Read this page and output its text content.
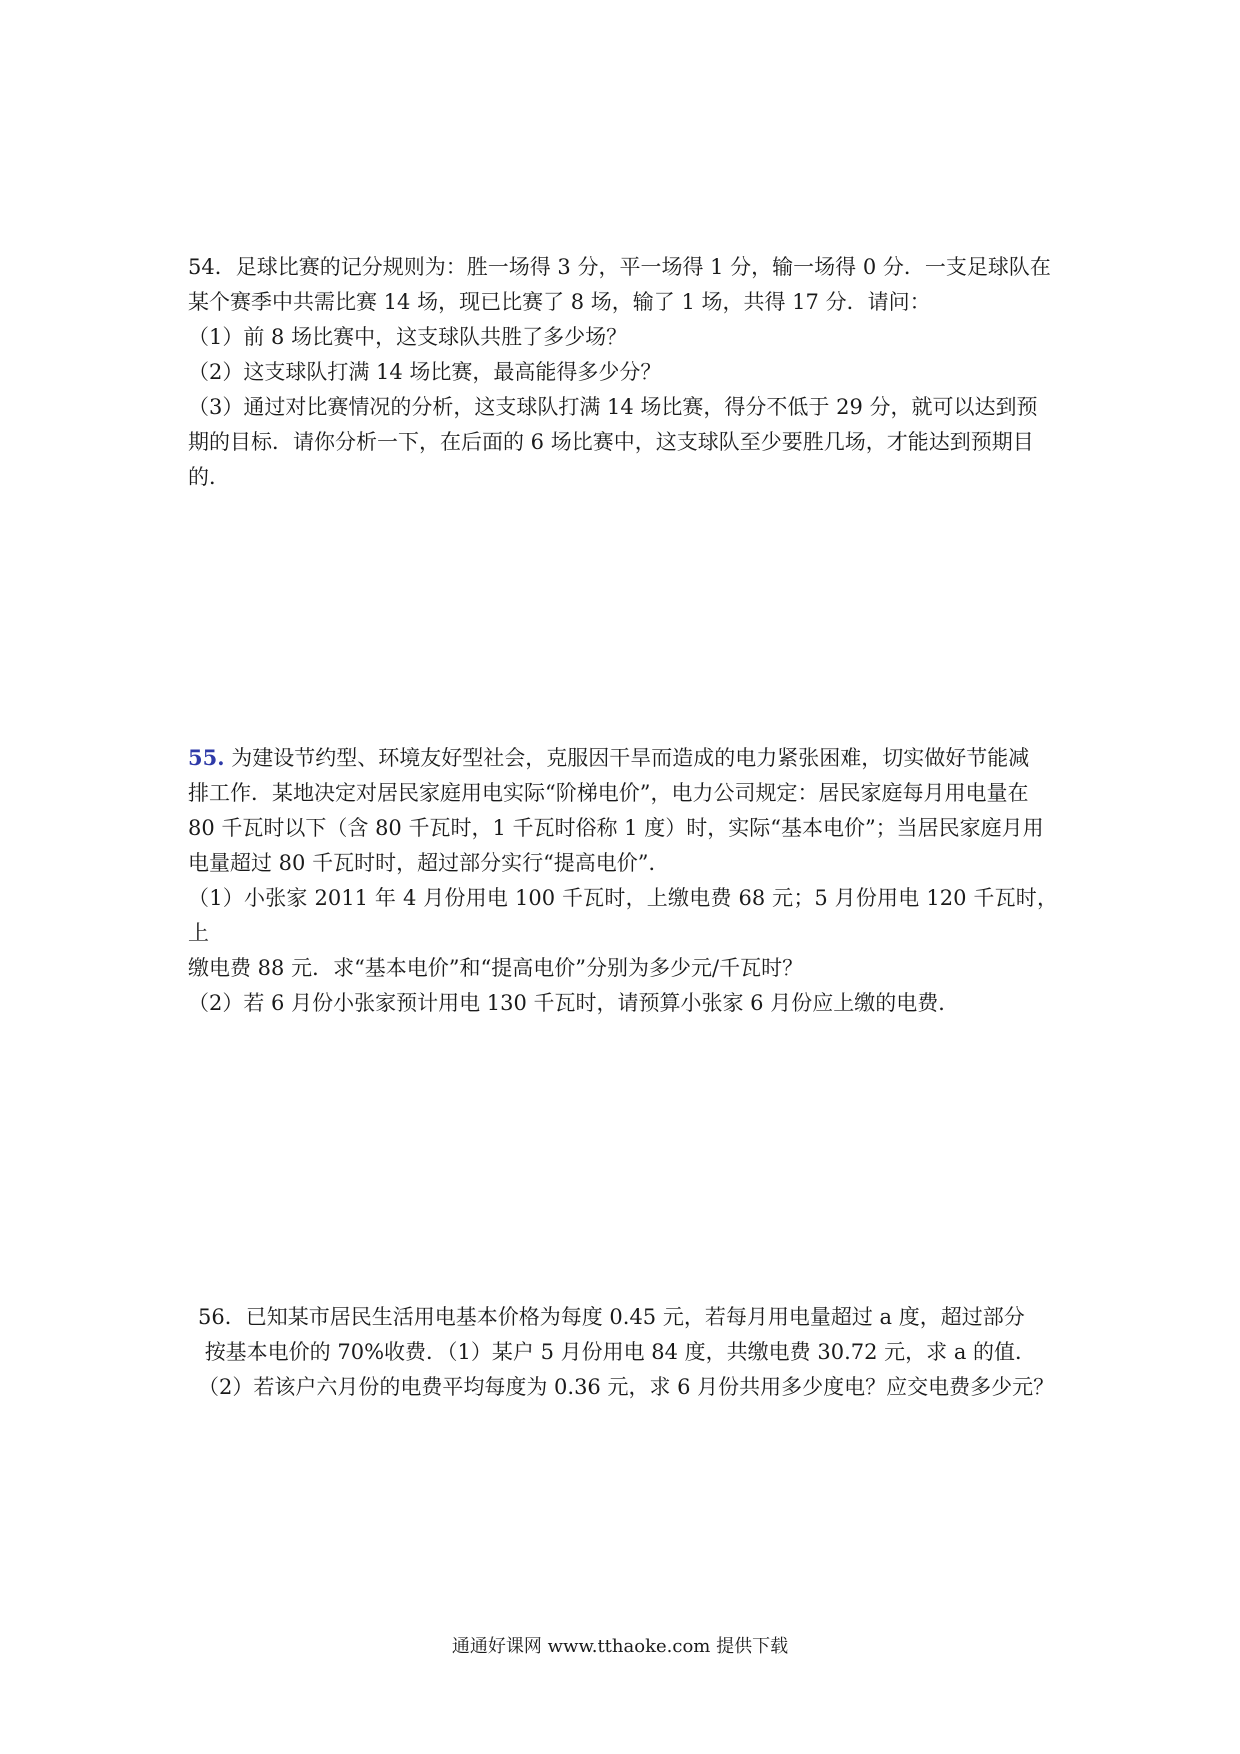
54．足球比赛的记分规则为：胜一场得 3 分，平一场得 1 分，输一场得 0 分．一支足球队在
某个赛季中共需比赛 14 场，现已比赛了 8 场，输了 1 场，共得 17 分．请问：
（1）前 8 场比赛中，这支球队共胜了多少场？
（2）这支球队打满 14 场比赛，最高能得多少分？
（3）通过对比赛情况的分析，这支球队打满 14 场比赛，得分不低于 29 分，就可以达到预
期的目标．请你分析一下，在后面的 6 场比赛中，这支球队至少要胜几场，才能达到预期目
的．
55. 为建设节约型、环境友好型社会，克服因干旱而造成的电力紧张困难，切实做好节能减
排工作．某地决定对居民家庭用电实际“阶梯电价”，电力公司规定：居民家庭每月用电量在
80 千瓦时以下（含 80 千瓦时，1 千瓦时俗称 1 度）时，实际“基本电价”；当居民家庭月用
电量超过 80 千瓦时时，超过部分实行“提高电价”．
（1）小张家 2011 年 4 月份用电 100 千瓦时，上缴电费 68 元；5 月份用电 120 千瓦时，上
缴电费 88 元．求“基本电价”和“提高电价”分别为多少元/千瓦时？
（2）若 6 月份小张家预计用电 130 千瓦时，请预算小张家 6 月份应上缴的电费．
56．已知某市居民生活用电基本价格为每度 0.45 元，若每月用电量超过 a 度，超过部分
按基本电价的 70%收费．（1）某户 5 月份用电 84 度，共缴电费 30.72 元，求 a 的值．
（2）若该户六月份的电费平均每度为 0.36 元，求 6 月份共用多少度电？应交电费多少元？
通通好课网 www.tthaoke.com 提供下载
